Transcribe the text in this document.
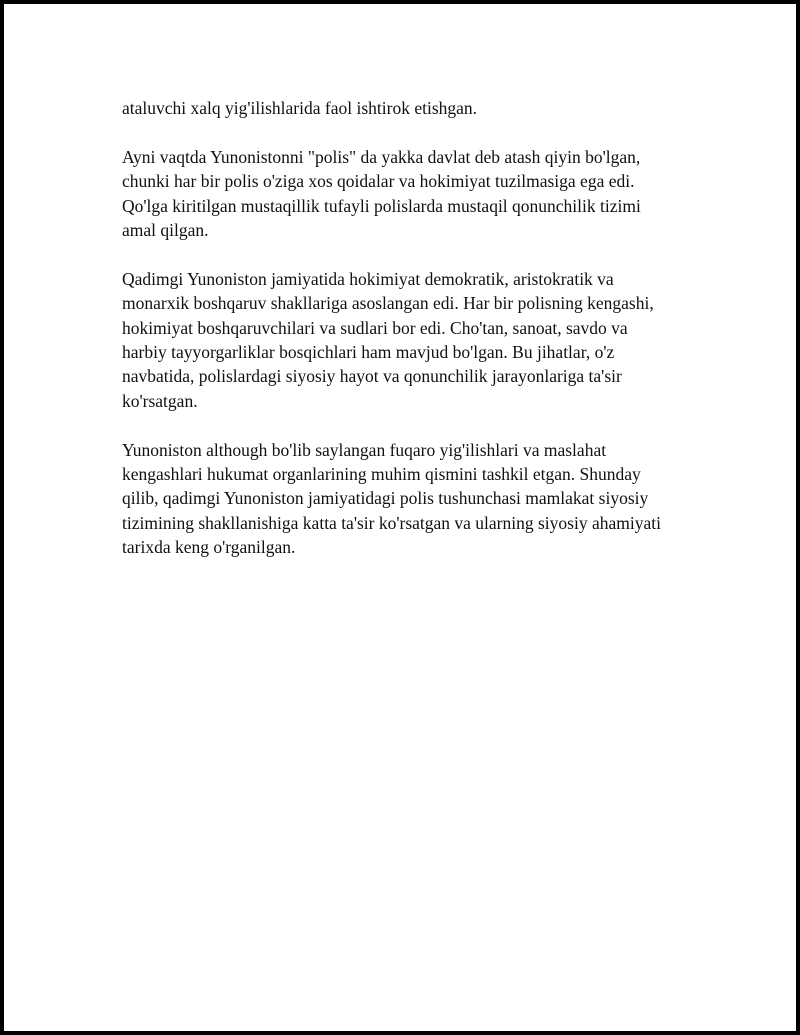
ataluvchi xalq yig'ilishlarida faol ishtirok etishgan.

Ayni vaqtda Yunonistonni "polis" da yakka davlat deb atash qiyin bo'lgan,
chunki har bir polis o'ziga xos qoidalar va hokimiyat tuzilmasiga ega edi.
Qo'lga kiritilgan mustaqillik tufayli polislarda mustaqil qonunchilik tizimi
amal qilgan.

Qadimgi Yunoniston jamiyatida hokimiyat demokratik, aristokratik va
monarxik boshqaruv shakllariga asoslangan edi. Har bir polisning kengashi,
hokimiyat boshqaruvchilari va sudlari bor edi. Cho'tan, sanoat, savdo va
harbiy tayyorgarliklar bosqichlari ham mavjud bo'lgan. Bu jihatlar, o'z
navbatida, polislardagi siyosiy hayot va qonunchilik jarayonlariga ta'sir
ko'rsatgan.

Yunoniston although bo'lib saylangan fuqaro yig'ilishlari va maslahat
kengashlari hukumat organlarining muhim qismini tashkil etgan. Shunday
qilib, qadimgi Yunoniston jamiyatidagi polis tushunchasi mamlakat siyosiy
tizimining shakllanishiga katta ta'sir ko'rsatgan va ularning siyosiy ahamiyati
tarixda keng o'rganilgan.
